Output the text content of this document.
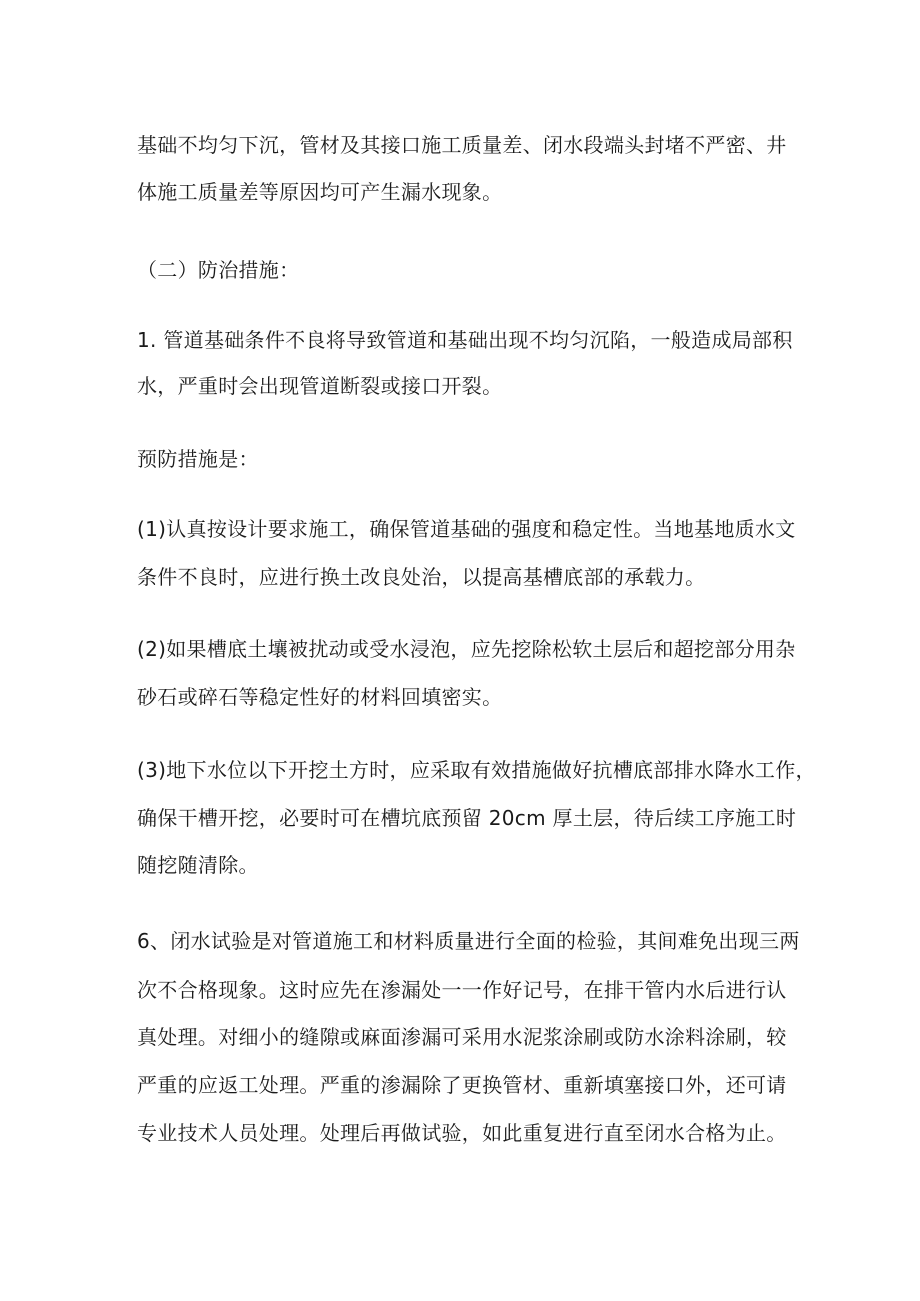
基础不均匀下沉，管材及其接口施工质量差、闭水段端头封堵不严密、井

体施工质量差等原因均可产生漏水现象。

（二）防治措施：

1. 管道基础条件不良将导致管道和基础出现不均匀沉陷，一般造成局部积

水，严重时会出现管道断裂或接口开裂。

预防措施是：

(1)认真按设计要求施工，确保管道基础的强度和稳定性。当地基地质水文

条件不良时，应进行换土改良处治，以提高基槽底部的承载力。

(2)如果槽底土壤被扰动或受水浸泡，应先挖除松软土层后和超挖部分用杂

砂石或碎石等稳定性好的材料回填密实。

(3)地下水位以下开挖土方时，应采取有效措施做好抗槽底部排水降水工作，

确保干槽开挖，必要时可在槽坑底预留 20cm 厚土层，待后续工序施工时

随挖随清除。

6、闭水试验是对管道施工和材料质量进行全面的检验，其间难免出现三两

次不合格现象。这时应先在渗漏处一一作好记号，在排干管内水后进行认

真处理。对细小的缝隙或麻面渗漏可采用水泥浆涂刷或防水涂料涂刷，较

严重的应返工处理。严重的渗漏除了更换管材、重新填塞接口外，还可请

专业技术人员处理。处理后再做试验，如此重复进行直至闭水合格为止。
